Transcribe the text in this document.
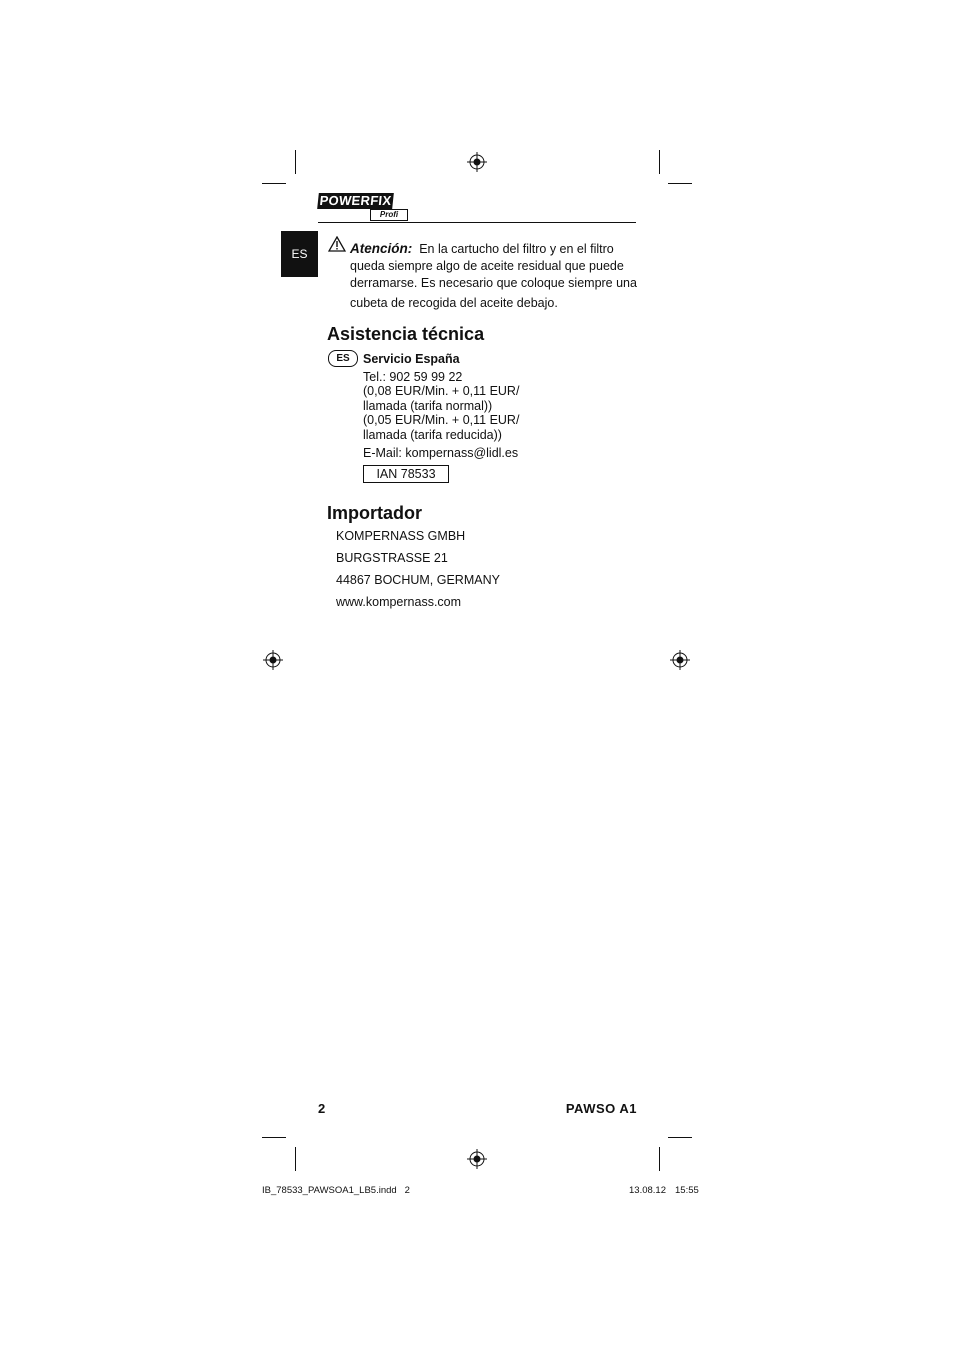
POWERFIX
Profi
ES	Atención: En la cartucho del filtro y en el filtro
queda siempre algo de aceite residual que puede
derramarse. Es necesario que coloque siempre una
cubeta de recogida del aceite debajo.
Asistencia técnica
ES	Servicio España
Tel.: 902 59 99 22
(0,08 EUR/Min. + 0,11 EUR/
llamada (tarifa normal))
(0,05 EUR/Min. + 0,11 EUR/
llamada (tarifa reducida))
E-Mail: kompernass@lidl.es
IAN 78533
Importador
KOMPERNASS GMBH
BURGSTRASSE 21
44867 BOCHUM, GERMANY
www.kompernass.com
2	PAWSO A1
IB_78533_PAWSOA1_LB5.indd   2	13.08.12 15:55
